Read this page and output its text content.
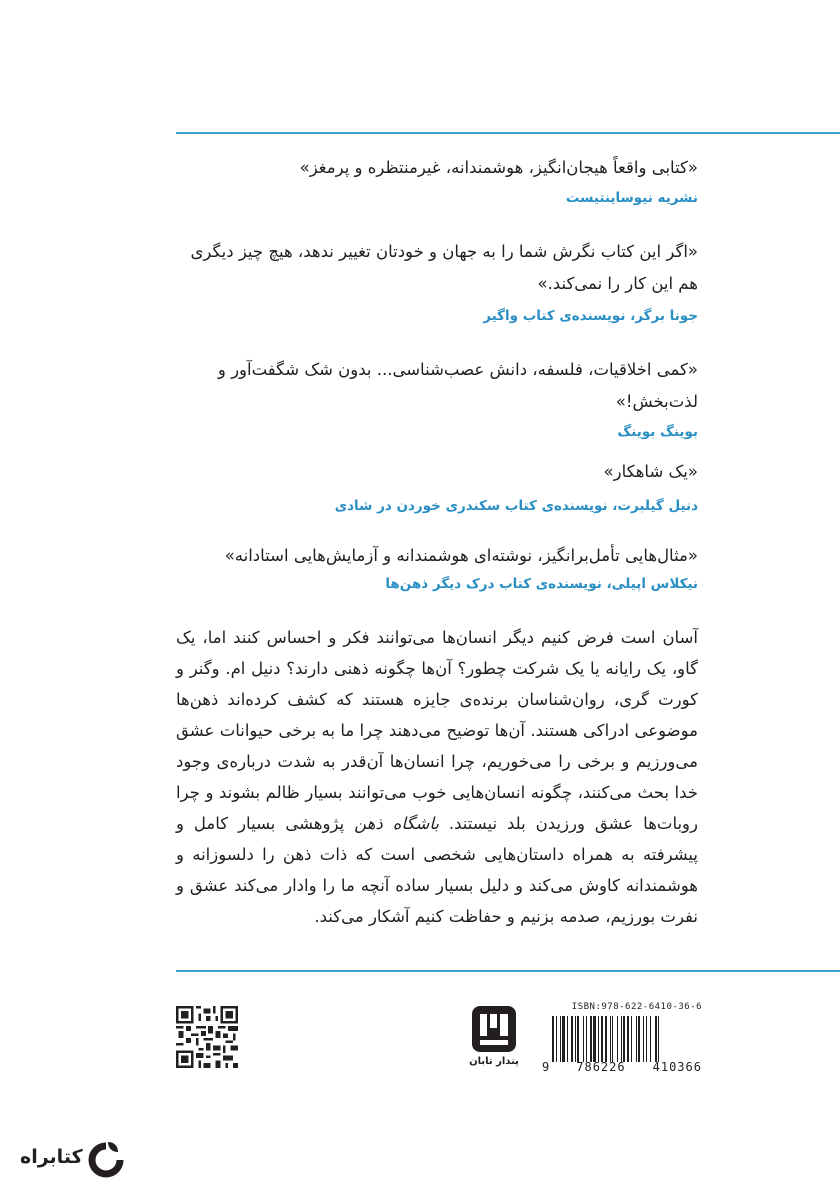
«کتابی واقعاً هیجان‌انگیز، هوشمندانه، غیرمنتظره و پرمغز»

نشریه نیوساینتیست

«اگر این کتاب نگرش شما را به جهان و خودتان تغییر ندهد، هیچ چیز دیگری هم این کار را نمی‌کند.»

جونا برگر، نویسنده‌ی کتاب واگیر

«کمی اخلاقیات، فلسفه، دانش عصب‌شناسی... بدون شک شگفت‌آور و لذت‌بخش!»

بوینگ بوینگ

«یک شاهکار»

دنیل گیلبرت، نویسنده‌ی کتاب سکندری خوردن در شادی

«مثال‌هایی تأمل‌برانگیز، نوشته‌ای هوشمندانه و آزمایش‌هایی استادانه»

نیکلاس اپیلی، نویسنده‌ی کتاب درک دیگر ذهن‌ها

آسان است فرض کنیم دیگر انسان‌ها می‌توانند فکر و احساس کنند اما، یک گاو، یک رایانه یا یک شرکت چطور؟ آن‌ها چگونه ذهنی دارند؟ دنیل ام. وگنر و کورت گری، روان‌شناسان برنده‌ی جایزه هستند که کشف کرده‌اند ذهن‌ها موضوعی ادراکی هستند. آن‌ها توضیح می‌دهند چرا ما به برخی حیوانات عشق می‌ورزیم و برخی را می‌خوریم، چرا انسان‌ها آن‌قدر به شدت درباره‌ی وجود خدا بحث می‌کنند، چگونه انسان‌هایی خوب می‌توانند بسیار ظالم بشوند و چرا روبات‌ها عشق ورزیدن بلد نیستند. باشگاه ذهن پژوهشی بسیار کامل و پیشرفته به همراه داستان‌هایی شخصی است که ذات ذهن را دلسوزانه و هوشمندانه کاوش می‌کند و دلیل بسیار ساده آنچه ما را وادار می‌کند عشق و نفرت بورزیم، صدمه بزنیم و حفاظت کنیم آشکار می‌کند.

ISBN:978-622-6410-36-6
9 786226 410366
پندار تابان
کتابراه
